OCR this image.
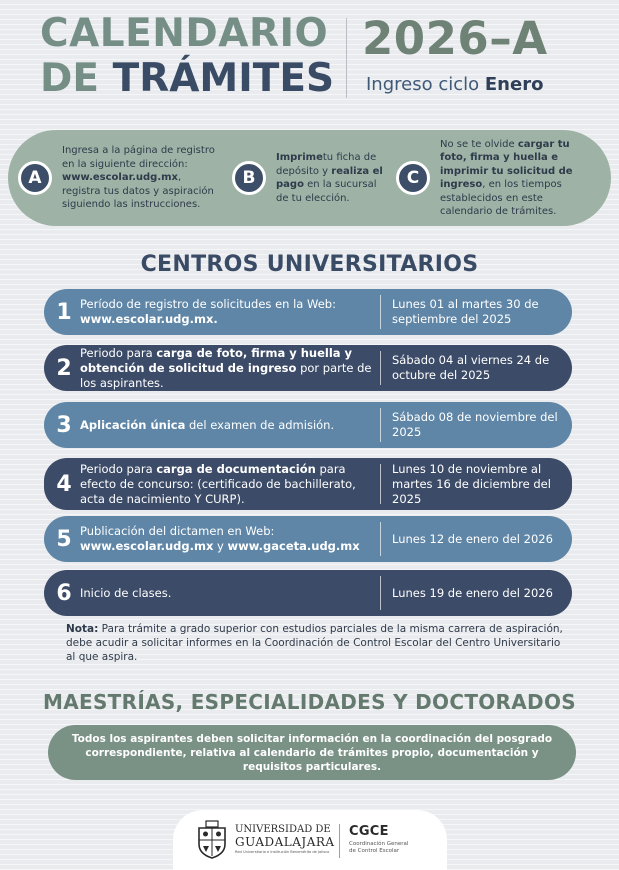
CALENDARIO
DE TRÁMITES
2026–A
Ingreso ciclo Enero
A
Ingresa a la página de registro en la siguiente dirección: www.escolar.udg.mx, registra tus datos y aspiración siguiendo las instrucciones.
B
Imprimetu ficha de depósito y realiza el pago en la sucursal de tu elección.
C
No se te olvide cargar tu foto, firma y huella e imprimir tu solicitud de ingreso, en los tiempos establecidos en este calendario de trámites.
CENTROS UNIVERSITARIOS
1 Período de registro de solicitudes en la Web: www.escolar.udg.mx.
Lunes 01 al martes 30 de septiembre del 2025
2
Periodo para carga de foto, firma y huella y obtención de solicitud de ingreso por parte de los aspirantes.
Sábado 04 al viernes 24 de octubre del 2025
3 Aplicación única del examen de admisión.
Sábado 08 de noviembre del 2025
4
Periodo para carga de documentación para efecto de concurso: (certificado de bachillerato, acta de nacimiento Y CURP).
Lunes 10 de noviembre al martes 16 de diciembre del 2025
5 Publicación del dictamen en Web: www.escolar.udg.mx y www.gaceta.udg.mx
Lunes 12 de enero del 2026
6 Inicio de clases.	Lunes 19 de enero del 2026
Nota: Para trámite a grado superior con estudios parciales de la misma carrera de aspiración, debe acudir a solicitar informes en la Coordinación de Control Escolar del Centro Universitario al que aspira.
MAESTRÍAS, ESPECIALIDADES Y DOCTORADOS
Todos los aspirantes deben solicitar información en la coordinación del posgrado correspondiente, relativa al calendario de trámites propio, documentación y requisitos particulares.
UNIVERSIDAD DE
GUADALAJARA
Red Universitaria e Institución Benemérita de Jalisco
CGCE
Coordinación General
de Control Escolar
